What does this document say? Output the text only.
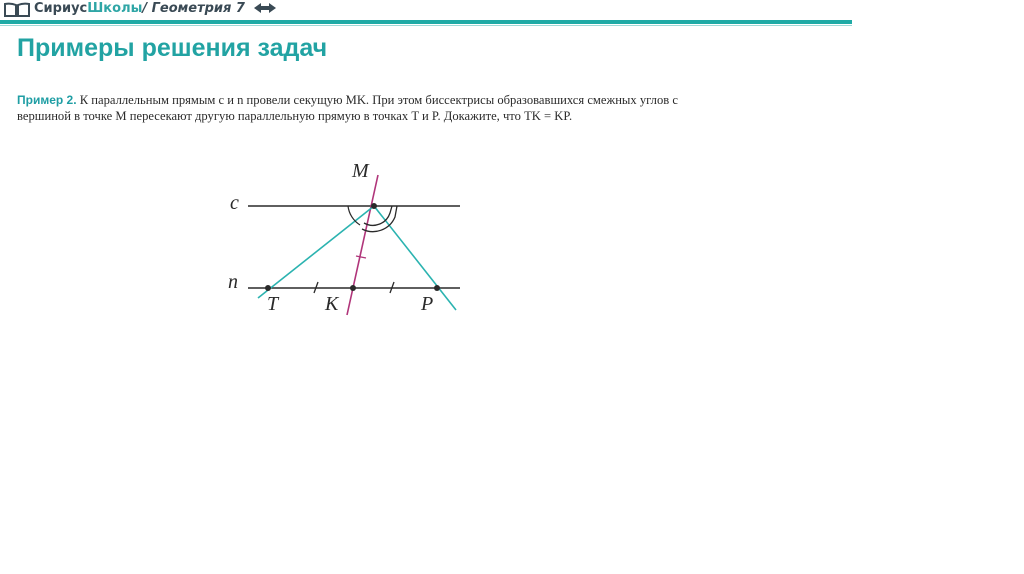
СириусШколы/ Геометрия 7
Примеры решения задач

Пример 2. К параллельным прямым c и n провели секущую MK. При этом биссектрисы образовавшихся смежных углов с вершиной в точке M пересекают другую параллельную прямую в точках T и P. Докажите, что TK = KP.

M
c
n
T K	P
